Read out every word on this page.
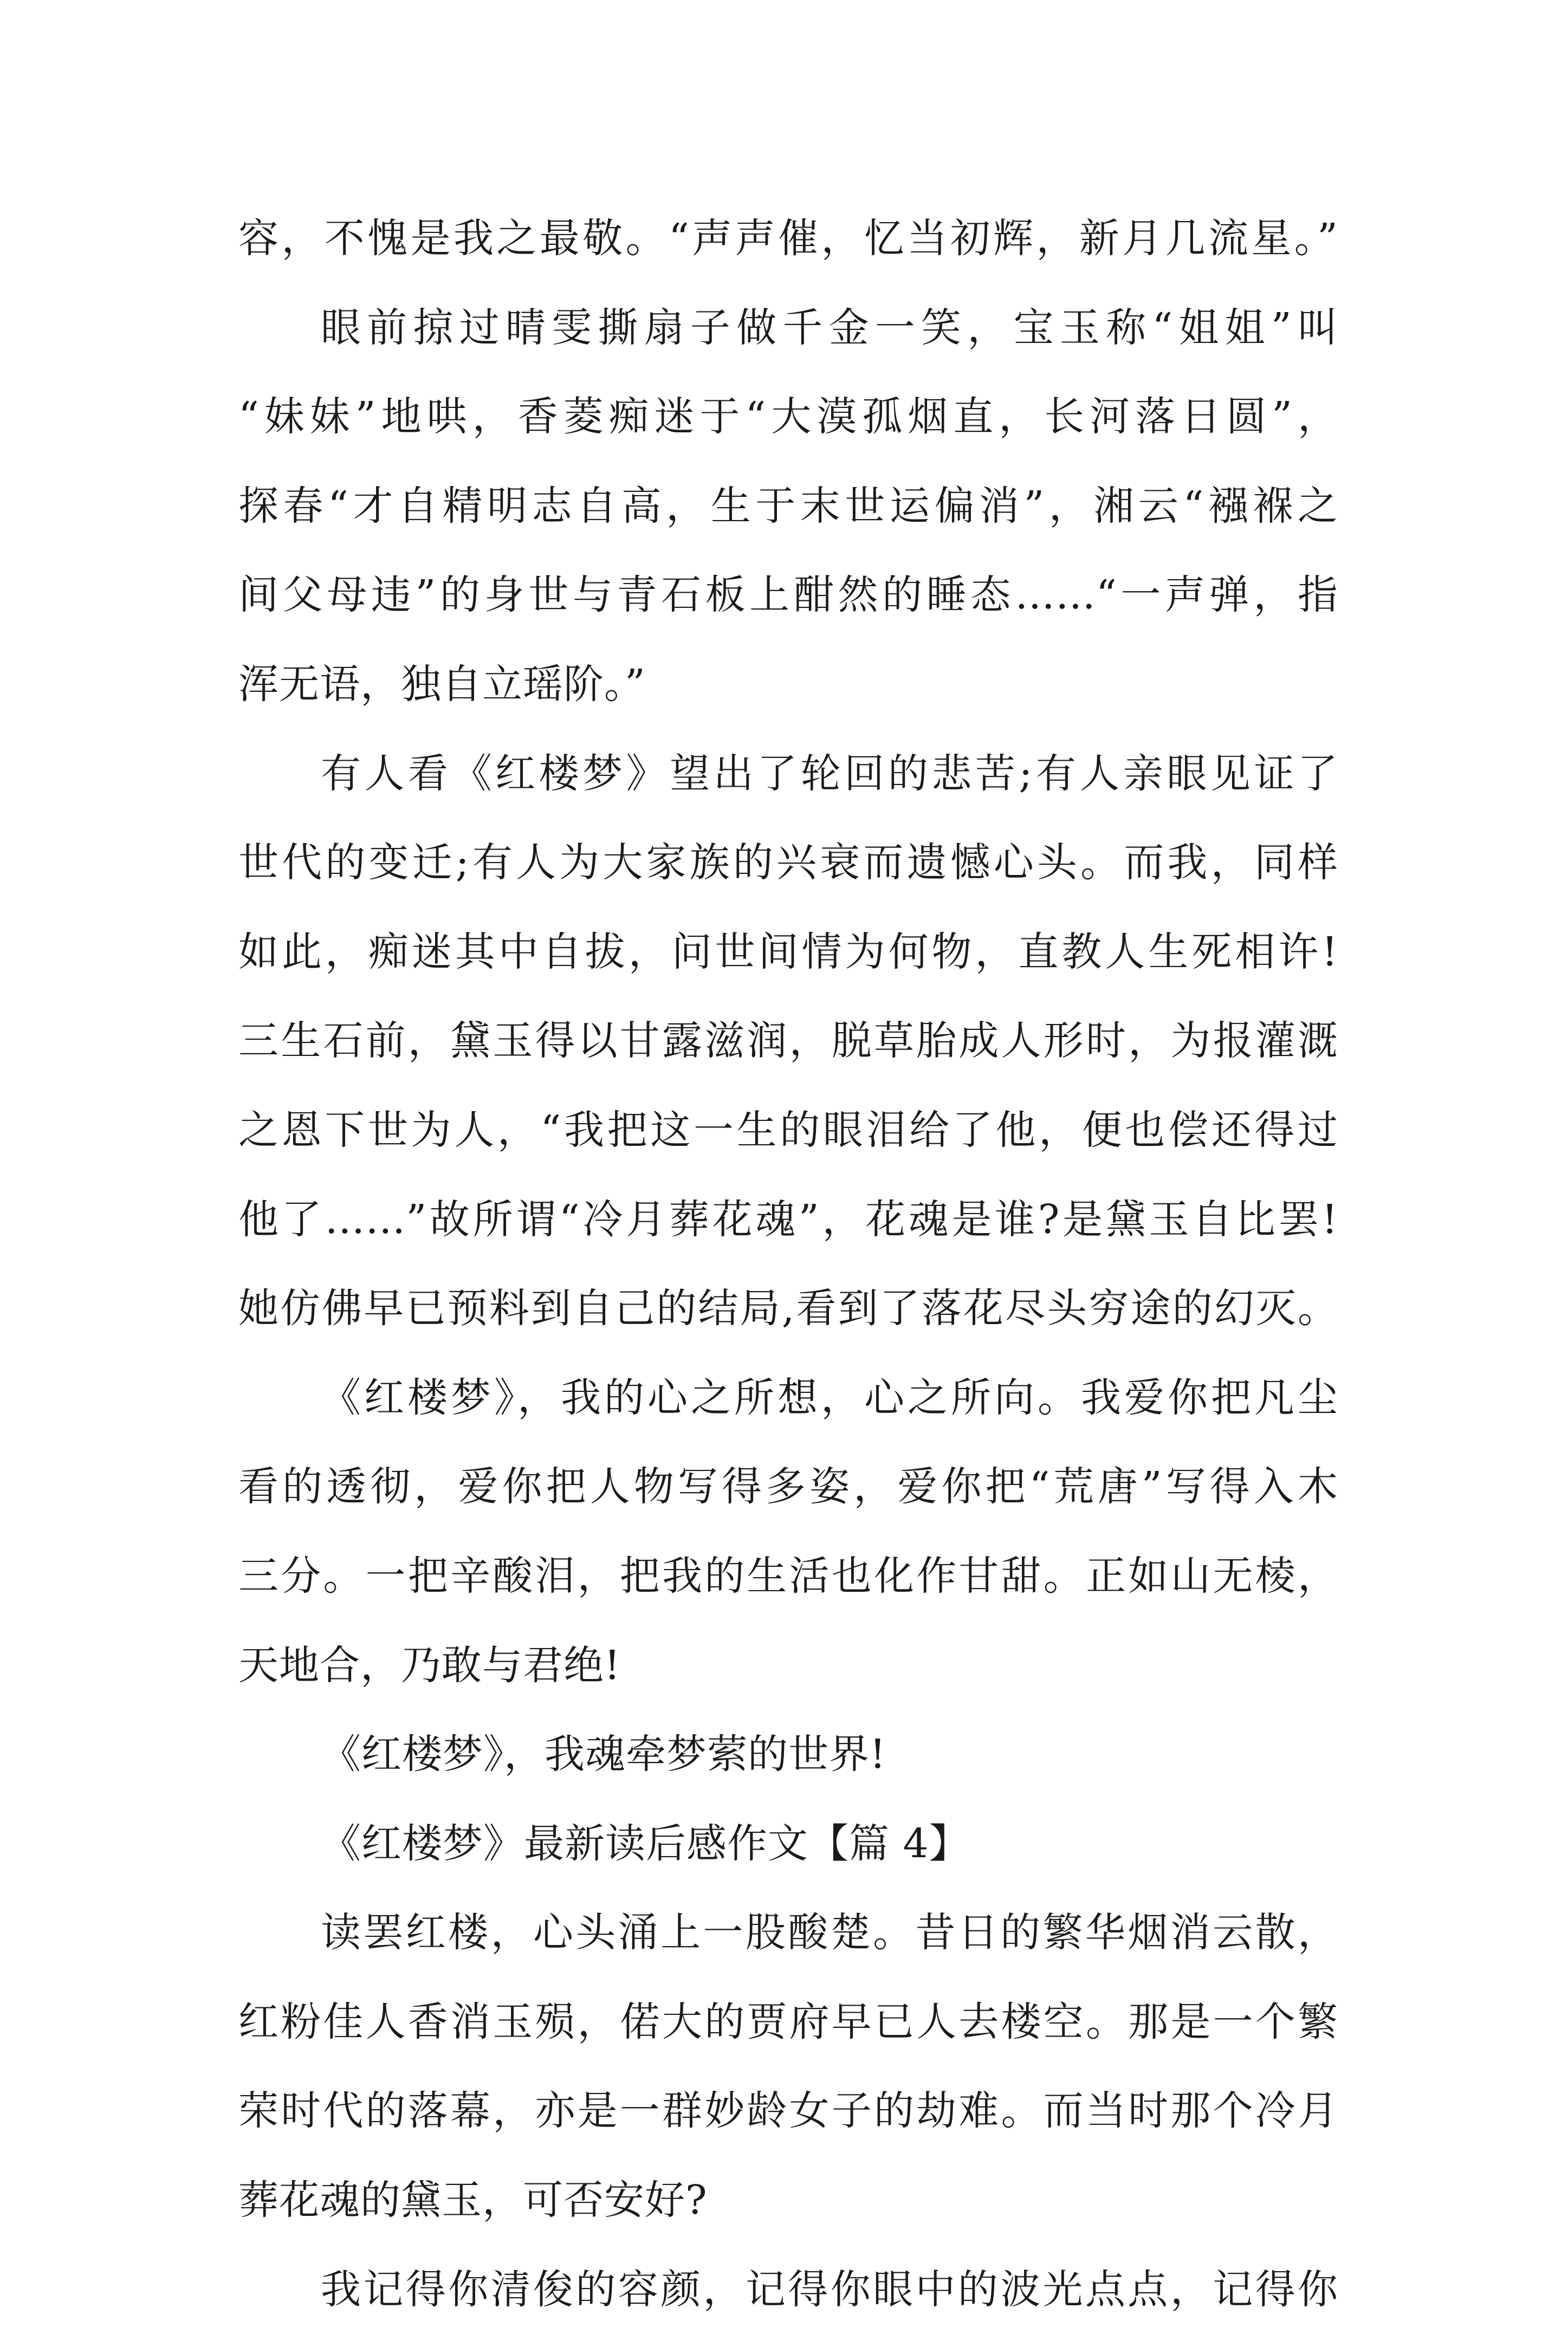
容，不愧是我之最敬。“声声催，忆当初辉，新月几流星。”
眼前掠过晴雯撕扇子做千金一笑，宝玉称“姐姐”叫
“妹妹”地哄，香菱痴迷于“大漠孤烟直，长河落日圆”，
探春“才自精明志自高，生于末世运偏消”，湘云“襁褓之
间父母违”的身世与青石板上酣然的睡态……“一声弹，指
浑无语，独自立瑶阶。”
有人看《红楼梦》望出了轮回的悲苦;有人亲眼见证了
世代的变迁;有人为大家族的兴衰而遗憾心头。而我，同样
如此，痴迷其中自拔，问世间情为何物，直教人生死相许!
三生石前，黛玉得以甘露滋润，脱草胎成人形时，为报灌溉
之恩下世为人，“我把这一生的眼泪给了他，便也偿还得过
他了……”故所谓“冷月葬花魂”，花魂是谁?是黛玉自比罢!
她仿佛早已预料到自己的结局,看到了落花尽头穷途的幻灭。
《红楼梦》，我的心之所想，心之所向。我爱你把凡尘
看的透彻，爱你把人物写得多姿，爱你把“荒唐”写得入木
三分。一把辛酸泪，把我的生活也化作甘甜。正如山无棱，
天地合，乃敢与君绝!
《红楼梦》，我魂牵梦萦的世界!
《红楼梦》最新读后感作文【篇 4】
读罢红楼，心头涌上一股酸楚。昔日的繁华烟消云散，
红粉佳人香消玉殒，偌大的贾府早已人去楼空。那是一个繁
荣时代的落幕，亦是一群妙龄女子的劫难。而当时那个冷月
葬花魂的黛玉，可否安好?
我记得你清俊的容颜，记得你眼中的波光点点，记得你
